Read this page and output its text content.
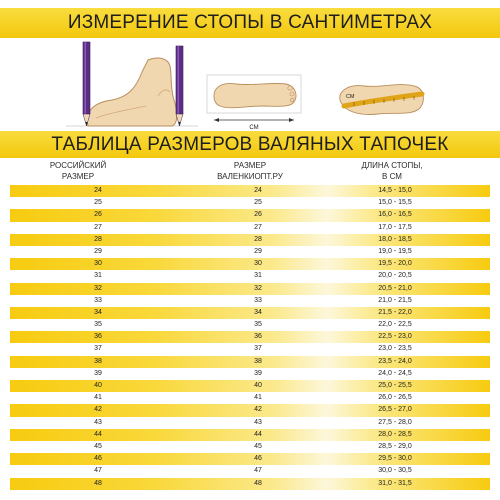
ИЗМЕРЕНИЕ СТОПЫ В САНТИМЕТРАХ
СМ
СМ
ТАБЛИЦА РАЗМЕРОВ ВАЛЯНЫХ ТАПОЧЕК
РОССИЙСКИЙ
РАЗМЕР
РАЗМЕР
ВАЛЕНКИОПТ.РУ
ДЛИНА СТОПЫ,
В СМ
24	24	14,5 - 15,0
25	25	15,0 - 15,5
26	26	16,0 - 16,5
27	27	17,0 - 17,5
28	28	18,0 - 18,5
29	29	19,0 - 19,5
30	30	19,5 - 20,0
31	31	20,0 - 20,5
32	32	20,5 - 21,0
33	33	21,0 - 21,5
34	34	21,5 - 22,0
35	35	22,0 - 22,5
36	36	22,5 - 23,0
37	37	23,0 - 23,5
38	38	23,5 - 24,0
39	39	24,0 - 24,5
40	40	25,0 - 25,5
41	41	26,0 - 26,5
42	42	26,5 - 27,0
43	43	27,5 - 28,0
44	44	28,0 - 28,5
45	45	28,5 - 29,0
46	46	29,5 - 30,0
47	47	30,0 - 30,5
48	48	31,0 - 31,5
